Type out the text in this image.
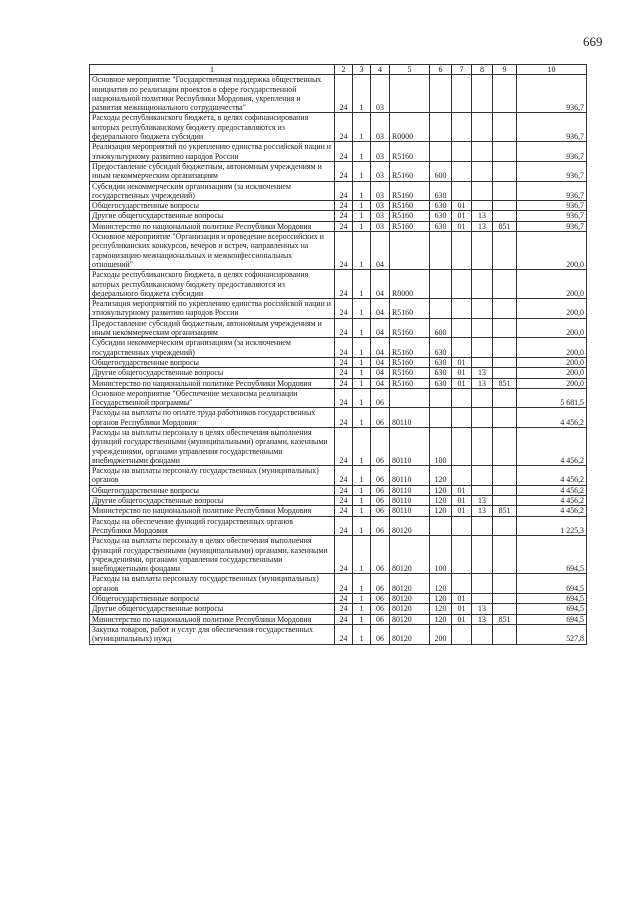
669
1	2	3	4	5	6	7	8	9	10
Основное мероприятие "Государственная поддержка общественных инициатив по реализации проектов в сфере государственной национальной политики Республики Мордовия, укрепления и развития межнационального сотрудничества"	24	1	03						936,7
Расходы республиканского бюджета, в целях софинансирования которых республиканскому бюджету предоставляются из федерального бюджета субсидии	24	1	03	R0000					936,7
Реализация мероприятий по укреплению единства российской нации и этнокультурному развитию народов России	24	1	03	R5160					936,7
Предоставление субсидий бюджетным, автономным учреждениям и иным некоммерческим организациям	24	1	03	R5160	600				936,7
Субсидии некоммерческим организациям (за исключением государственных учреждений)	24	1	03	R5160	630				936,7
Общегосударственные вопросы	24	1	03	R5160	630	01			936,7
Другие общегосударственные вопросы	24	1	03	R5160	630	01	13		936,7
Министерство по национальной политике Республики Мордовия	24	1	03	R5160	630	01	13	851	936,7
Основное мероприятие "Организация и проведение всероссийских и республиканских конкурсов, вечеров и встреч, направленных на гармонизацию межнациональных и межконфессиональных отношений"	24	1	04						200,0
Расходы республиканского бюджета, в целях софинансирования которых республиканскому бюджету предоставляются из федерального бюджета субсидии	24	1	04	R0000					200,0
Реализация мероприятий по укреплению единства российской нации и этнокультурному развитию народов России	24	1	04	R5160					200,0
Предоставление субсидий бюджетным, автономным учреждениям и иным некоммерческим организациям	24	1	04	R5160	600				200,0
Субсидии некоммерческим организациям (за исключением государственных учреждений)	24	1	04	R5160	630				200,0
Общегосударственные вопросы	24	1	04	R5160	630	01			200,0
Другие общегосударственные вопросы	24	1	04	R5160	630	01	13		200,0
Министерство по национальной политике Республики Мордовия	24	1	04	R5160	630	01	13	851	200,0
Основное мероприятие "Обеспечение механизма реализации Государственной программы"	24	1	06						5 681,5
Расходы на выплаты по оплате труда работников государственных органов Республики Мордовия	24	1	06	80110					4 456,2
Расходы на выплаты персоналу в целях обеспечения выполнения функций государственными (муниципальными) органами, казенными учреждениями, органами управления государственными внебюджетными фондами	24	1	06	80110	100				4 456,2
Расходы на выплаты персоналу государственных (муниципальных) органов	24	1	06	80110	120				4 456,2
Общегосударственные вопросы	24	1	06	80110	120	01			4 456,2
Другие общегосударственные вопросы	24	1	06	80110	120	01	13		4 456,2
Министерство по национальной политике Республики Мордовия	24	1	06	80110	120	01	13	851	4 456,2
Расходы на обеспечение функций государственных органов Республики Мордовия	24	1	06	80120					1 225,3
Расходы на выплаты персоналу в целях обеспечения выполнения функций государственными (муниципальными) органами, казенными учреждениями, органами управления государственными внебюджетными фондами	24	1	06	80120	100				694,5
Расходы на выплаты персоналу государственных (муниципальных) органов	24	1	06	80120	120				694,5
Общегосударственные вопросы	24	1	06	80120	120	01			694,5
Другие общегосударственные вопросы	24	1	06	80120	120	01	13		694,5
Министерство по национальной политике Республики Мордовия	24	1	06	80120	120	01	13	851	694,5
Закупка товаров, работ и услуг для обеспечения государственных (муниципальных) нужд	24	1	06	80120	200				527,8
